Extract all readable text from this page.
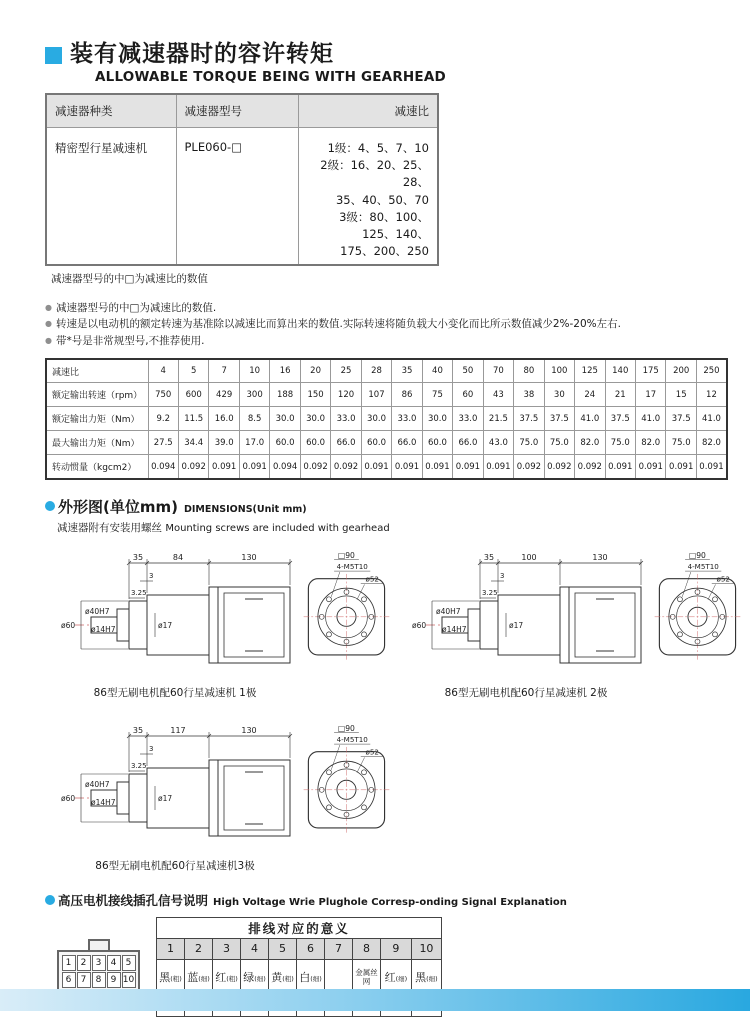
装有减速器时的容许转矩
ALLOWABLE TORQUE BEING WITH GEARHEAD
减速器种类	减速器型号	减速比
精密型行星减速机	PLE060-□	1级：4、5、7、10
2级：16、20、25、28、
35、40、50、70
3级：80、100、125、140、
175、200、250
减速器型号的中□为减速比的数值
● 减速器型号的中□为减速比的数值.
● 转速是以电动机的额定转速为基准除以减速比而算出来的数值.实际转速将随负载大小变化而比所示数值减少2%-20%左右.
● 带*号是非常规型号,不推荐使用.
减速比	4	5	7	10	16	20	25	28	35	40	50	70	80	100	125	140	175	200	250
额定输出转速（rpm）	750	600	429	300	188	150	120	107	86	75	60	43	38	30	24	21	17	15	12
额定输出力矩（Nm）	9.2	11.5	16.0	8.5	30.0	30.0	33.0	30.0	33.0	30.0	33.0	21.5	37.5	37.5	41.0	37.5	41.0	37.5	41.0
最大输出力矩（Nm）	27.5	34.4	39.0	17.0	60.0	60.0	66.0	60.0	66.0	60.0	66.0	43.0	75.0	75.0	82.0	75.0	82.0	75.0	82.0
转动惯量（kgcm2）	0.094	0.092	0.091	0.091	0.094	0.092	0.092	0.091	0.091	0.091	0.091	0.091	0.092	0.092	0.092	0.091	0.091	0.091	0.091
外形图(单位mm) DIMENSIONS(Unit mm)
减速器附有安装用螺丝 Mounting screws are included with gearhead
35	84	130
3
3.25
ø40H7
ø14H7
ø60	ø17
□90
4-M5T10
ø52
86型无刷电机配60行星减速机 1极
35	100	130
3
3.25
ø40H7
ø14H7
ø60	ø17
□90
4-M5T10
ø52
86型无刷电机配60行星减速机 2极
35	117	130
3
3.25
ø40H7
ø14H7
ø60	ø17
□90
4-M5T10
ø52
86型无刷电机配60行星减速机3极
高压电机接线插孔信号说明 High Voltage Wrie Plughole Corresp-onding Signal Explanation
1	2	3	4	5
6	7	8	9 10
排线对应的意义									
1	2	3	4	5	6	7	8	9	10
黑(粗)	蓝(细)	红(粗)	绿(细)	黄(粗)	白(细)		金属丝网	红(细)	黑(细)
